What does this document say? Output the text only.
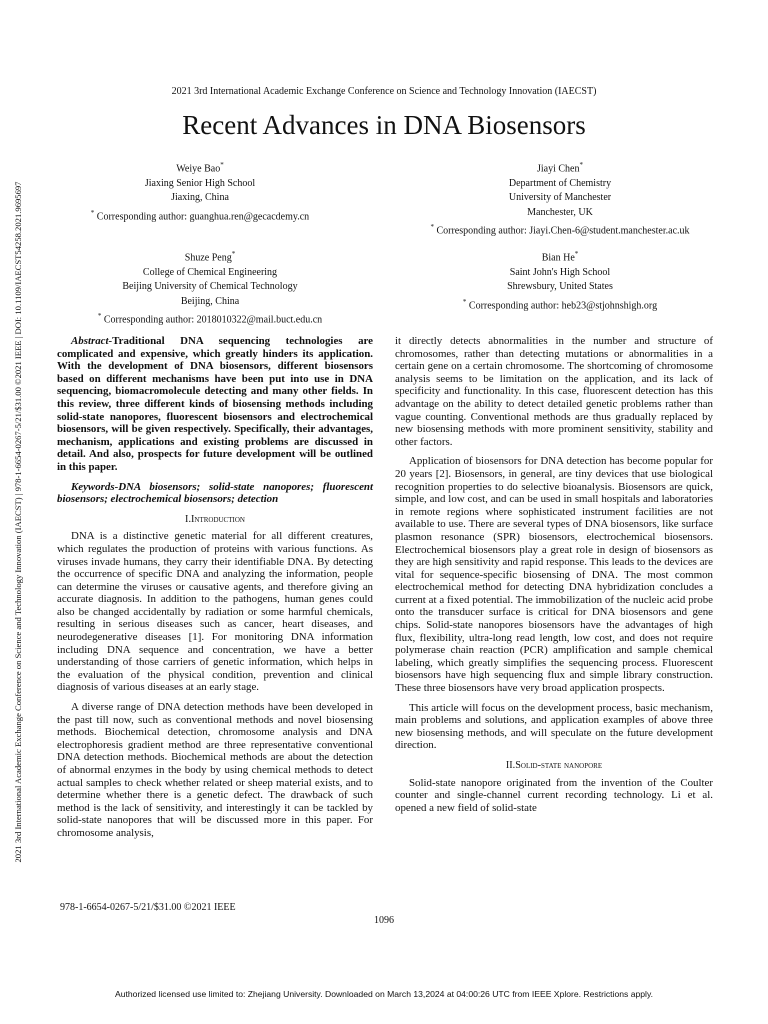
2021 3rd International Academic Exchange Conference on Science and Technology Innovation (IAECST) | 978-1-6654-0267-5/21/$31.00 ©2021 IEEE | DOI: 10.1109/IAECST54258.2021.9695697
2021 3rd International Academic Exchange Conference on Science and Technology Innovation (IAECST)
Recent Advances in DNA Biosensors
Weiye Bao*
Jiaxing Senior High School
Jiaxing, China
* Corresponding author: guanghua.ren@gecacdemy.cn
Jiayi Chen*
Department of Chemistry
University of Manchester
Manchester, UK
* Corresponding author: Jiayi.Chen-6@student.manchester.ac.uk
Shuze Peng*
College of Chemical Engineering
Beijing University of Chemical Technology
Beijing, China
* Corresponding author: 2018010322@mail.buct.edu.cn
Bian He*
Saint John's High School
Shrewsbury, United States
* Corresponding author: heb23@stjohnshigh.org
Abstract-Traditional DNA sequencing technologies are complicated and expensive, which greatly hinders its application. With the development of DNA biosensors, different biosensors based on different mechanisms have been put into use in DNA sequencing, biomacromolecule detecting and many other fields. In this review, three different kinds of biosensing methods including solid-state nanopores, fluorescent biosensors and electrochemical biosensors, will be given respectively. Specifically, their advantages, mechanism, applications and existing problems are discussed in detail. And also, prospects for future development will be outlined in this paper.
Keywords-DNA biosensors; solid-state nanopores; fluorescent biosensors; electrochemical biosensors; detection
I.Introduction

DNA is a distinctive genetic material for all different creatures, which regulates the production of proteins with various functions. As viruses invade humans, they carry their identifiable DNA. By detecting the occurrence of specific DNA and analyzing the information, people can determine the viruses or causative agents, and therefore giving an accurate diagnosis. In addition to the pathogens, human genes could also be changed accidentally by radiation or some harmful chemicals, resulting in serious diseases such as cancer, heart diseases, and neurodegenerative diseases [1]. For monitoring DNA information including DNA sequence and concentration, we have a better understanding of those carriers of genetic information, which helps in the evaluation of the physical condition, prevention and clinical diagnosis of various diseases at an early stage.

A diverse range of DNA detection methods have been developed in the past till now, such as conventional methods and novel biosensing methods. Biochemical detection, chromosome analysis and DNA electrophoresis gradient method are three representative conventional DNA detection methods. Biochemical methods are about the detection of abnormal enzymes in the body by using chemical methods to detect actual samples to check whether related or sheep material exists, and to determine whether there is a genetic defect. The drawback of such method is the lack of sensitivity, and interestingly it can be tackled by solid-state nanopores that will be discussed more in this paper. For chromosome analysis,

it directly detects abnormalities in the number and structure of chromosomes, rather than detecting mutations or abnormalities in a certain gene on a certain chromosome. The shortcoming of chromosome analysis seems to be limitation on the application, and its lack of specificity and functionality. In this case, fluorescent detection has this advantage on the ability to detect detailed genetic problems rather than vague counting. Conventional methods are thus gradually replaced by new biosensing methods with more prominent sensitivity, stability and other factors.

Application of biosensors for DNA detection has become popular for 20 years [2]. Biosensors, in general, are tiny devices that use biological recognition properties to do selective bioanalysis. Biosensors are quick, simple, and low cost, and can be used in small hospitals and laboratories in remote regions where sophisticated instrument facilities are not available to use. There are several types of DNA biosensors, like surface plasmon resonance (SPR) biosensors, electrochemical biosensors. Electrochemical biosensors play a great role in design of biosensors as they are high sensitivity and rapid response. This leads to the devices are vital for sequence-specific biosensing of DNA. The most common electrochemical method for detecting DNA hybridization concludes a current at a fixed potential. The immobilization of the nucleic acid probe onto the transducer surface is critical for DNA biosensors and gene chips. Solid-state nanopores biosensors have the advantages of high flux, flexibility, ultra-long read length, low cost, and does not require polymerase chain reaction (PCR) amplification and sample chemical labeling, which greatly simplifies the sequencing process. Fluorescent biosensors have high sequencing flux and simple library construction. These three biosensors have very broad application prospects.

This article will focus on the development process, basic mechanism, main problems and solutions, and application examples of above three new biosensing methods, and will speculate on the future development direction.

II.Solid-state nanopore

Solid-state nanopore originated from the invention of the Coulter counter and single-channel current recording technology. Li et al. opened a new field of solid-state

978-1-6654-0267-5/21/$31.00 ©2021 IEEE
1096
Authorized licensed use limited to: Zhejiang University. Downloaded on March 13,2024 at 04:00:26 UTC from IEEE Xplore. Restrictions apply.
